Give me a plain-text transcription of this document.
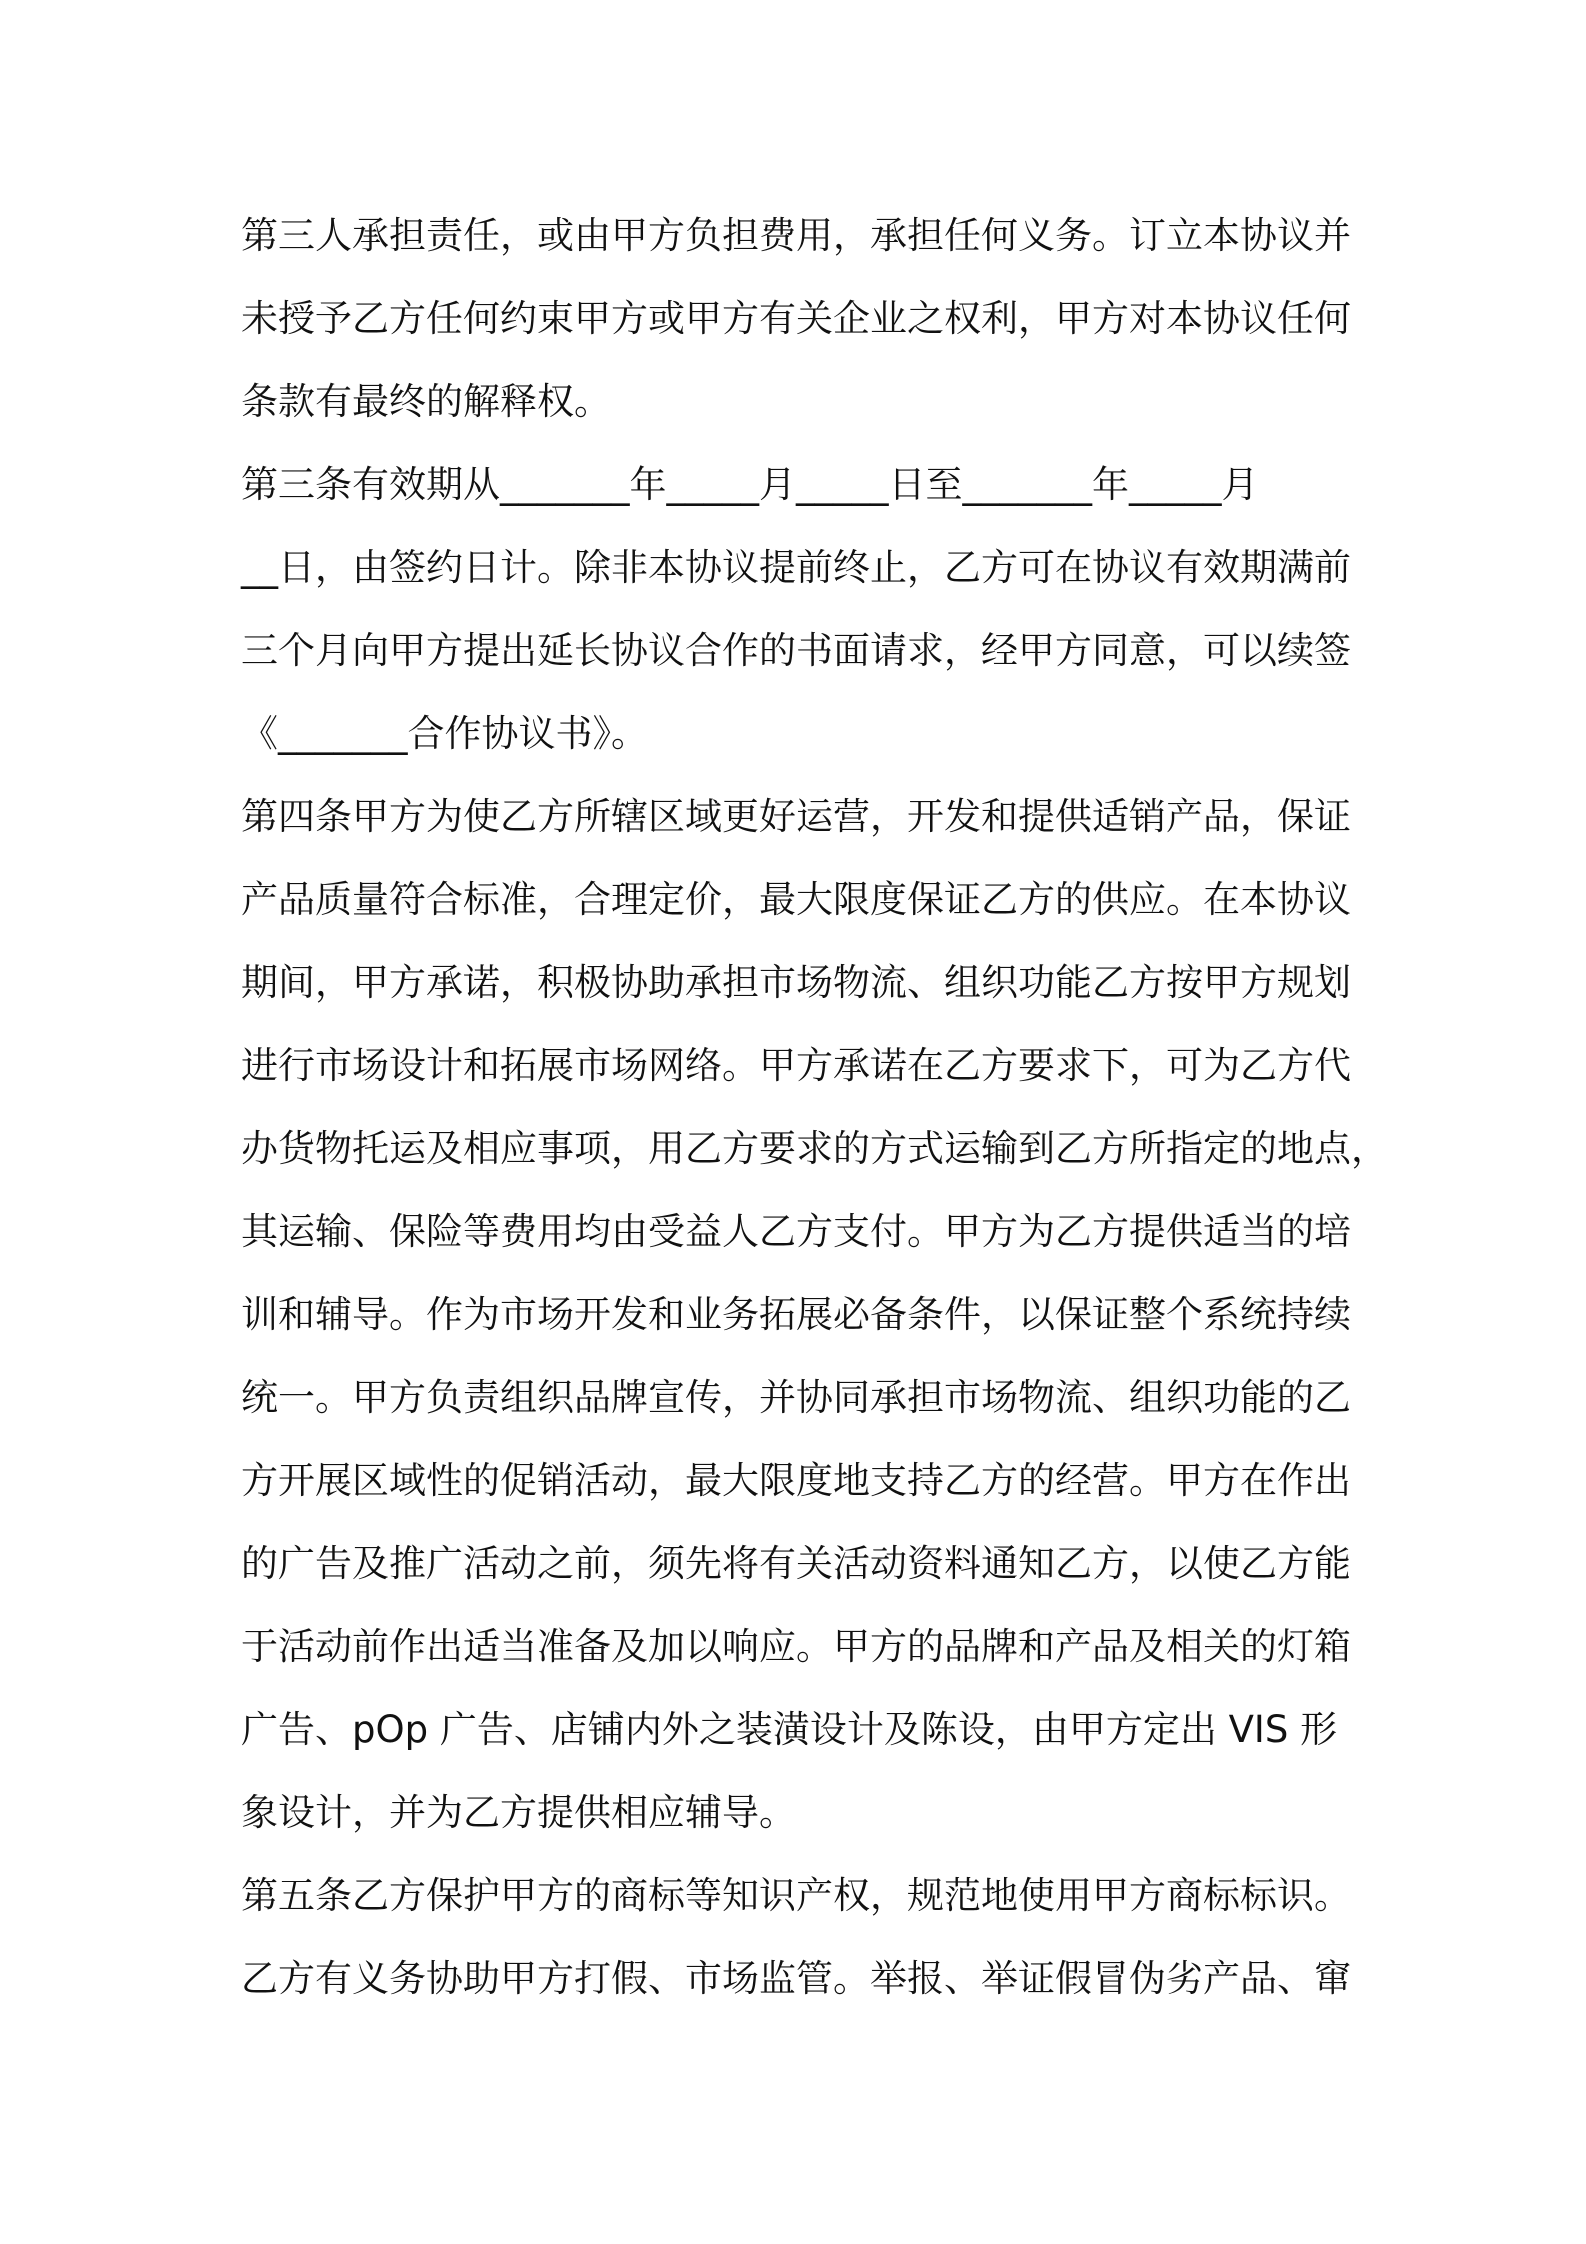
第三人承担责任，或由甲方负担费用，承担任何义务。订立本协议并
未授予乙方任何约束甲方或甲方有关企业之权利，甲方对本协议任何
条款有最终的解释权。
第三条有效期从_______年_____月_____日至_______年_____月
__日，由签约日计。除非本协议提前终止，乙方可在协议有效期满前
三个月向甲方提出延长协议合作的书面请求，经甲方同意，可以续签
《_______合作协议书》。
第四条甲方为使乙方所辖区域更好运营，开发和提供适销产品，保证
产品质量符合标准，合理定价，最大限度保证乙方的供应。在本协议
期间，甲方承诺，积极协助承担市场物流、组织功能乙方按甲方规划
进行市场设计和拓展市场网络。甲方承诺在乙方要求下，可为乙方代
办货物托运及相应事项，用乙方要求的方式运输到乙方所指定的地点，
其运输、保险等费用均由受益人乙方支付。甲方为乙方提供适当的培
训和辅导。作为市场开发和业务拓展必备条件，以保证整个系统持续
统一。甲方负责组织品牌宣传，并协同承担市场物流、组织功能的乙
方开展区域性的促销活动，最大限度地支持乙方的经营。甲方在作出
的广告及推广活动之前，须先将有关活动资料通知乙方，以使乙方能
于活动前作出适当准备及加以响应。甲方的品牌和产品及相关的灯箱
广告、pOp 广告、店铺内外之装潢设计及陈设，由甲方定出 VIS 形
象设计，并为乙方提供相应辅导。
第五条乙方保护甲方的商标等知识产权，规范地使用甲方商标标识。
乙方有义务协助甲方打假、市场监管。举报、举证假冒伪劣产品、窜
